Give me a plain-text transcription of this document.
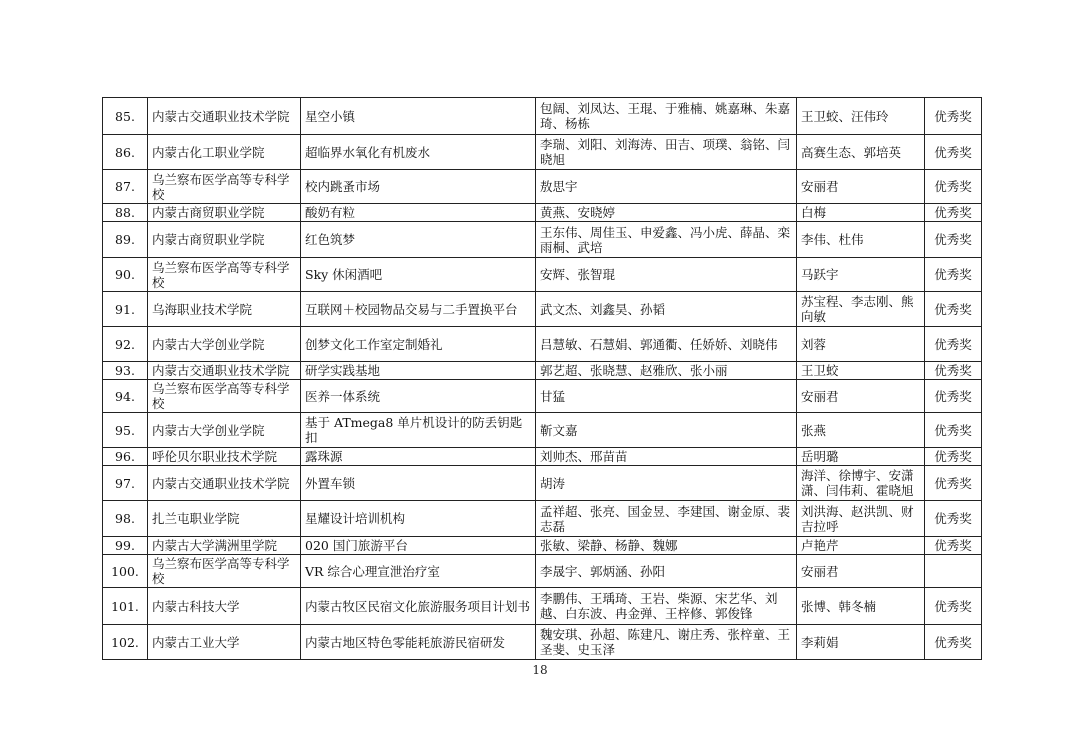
85.	内蒙古交通职业技术学院	星空小镇	包阔、刘凤达、王琨、于雅楠、姚嘉琳、朱嘉琦、杨栋	王卫蛟、汪伟玲	优秀奖
86.	内蒙古化工职业学院	超临界水氧化有机废水	李瑞、刘阳、刘海涛、田吉、项璞、翁铭、闫晓旭	高赛生态、郭培英	优秀奖
87.	乌兰察布医学高等专科学校	校内跳蚤市场	敖思宇	安丽君	优秀奖
88.	内蒙古商贸职业学院	酸奶有粒	黄燕、安晓婷	白梅	优秀奖
89.	内蒙古商贸职业学院	红色筑梦	王东伟、周佳玉、申爱鑫、冯小虎、薛晶、栾雨桐、武培	李伟、杜伟	优秀奖
90.	乌兰察布医学高等专科学校	Sky 休闲酒吧	安辉、张智琨	马跃宇	优秀奖
91.	乌海职业技术学院	互联网＋校园物品交易与二手置换平台	武文杰、刘鑫昊、孙韬	苏宝程、李志刚、熊向敏	优秀奖
92.	内蒙古大学创业学院	创梦文化工作室定制婚礼	吕慧敏、石慧娟、郭通衢、任娇娇、刘晓伟	刘蓉	优秀奖
93.	内蒙古交通职业技术学院	研学实践基地	郭艺超、张晓慧、赵雅欣、张小丽	王卫蛟	优秀奖
94.	乌兰察布医学高等专科学校	医养一体系统	甘猛	安丽君	优秀奖
95.	内蒙古大学创业学院	基于 ATmega8 单片机设计的防丢钥匙扣	靳文嘉	张燕	优秀奖
96.	呼伦贝尔职业技术学院	露珠源	刘帅杰、邢苗苗	岳明璐	优秀奖
97.	内蒙古交通职业技术学院	外置车锁	胡涛	海洋、徐博宇、安潇潇、闫伟莉、霍晓旭	优秀奖
98.	扎兰屯职业学院	星耀设计培训机构	孟祥超、张亮、国金昱、李建国、谢金原、裴志磊	刘洪海、赵洪凯、财吉拉呼	优秀奖
99.	内蒙古大学满洲里学院	020 国门旅游平台	张敏、梁静、杨静、魏娜	卢艳芹	优秀奖
100.	乌兰察布医学高等专科学校	VR 综合心理宣泄治疗室	李晟宇、郭炳涵、孙阳	安丽君	
101.	内蒙古科技大学	内蒙古牧区民宿文化旅游服务项目计划书	李鹏伟、王瑀琦、王岩、柴源、宋艺华、刘越、白东波、冉金弹、王梓修、郭俊锋	张博、韩冬楠	优秀奖
102.	内蒙古工业大学	内蒙古地区特色零能耗旅游民宿研发	魏安琪、孙超、陈建凡、谢庄秀、张梓童、王圣斐、史玉泽	李莉娟	优秀奖
18
